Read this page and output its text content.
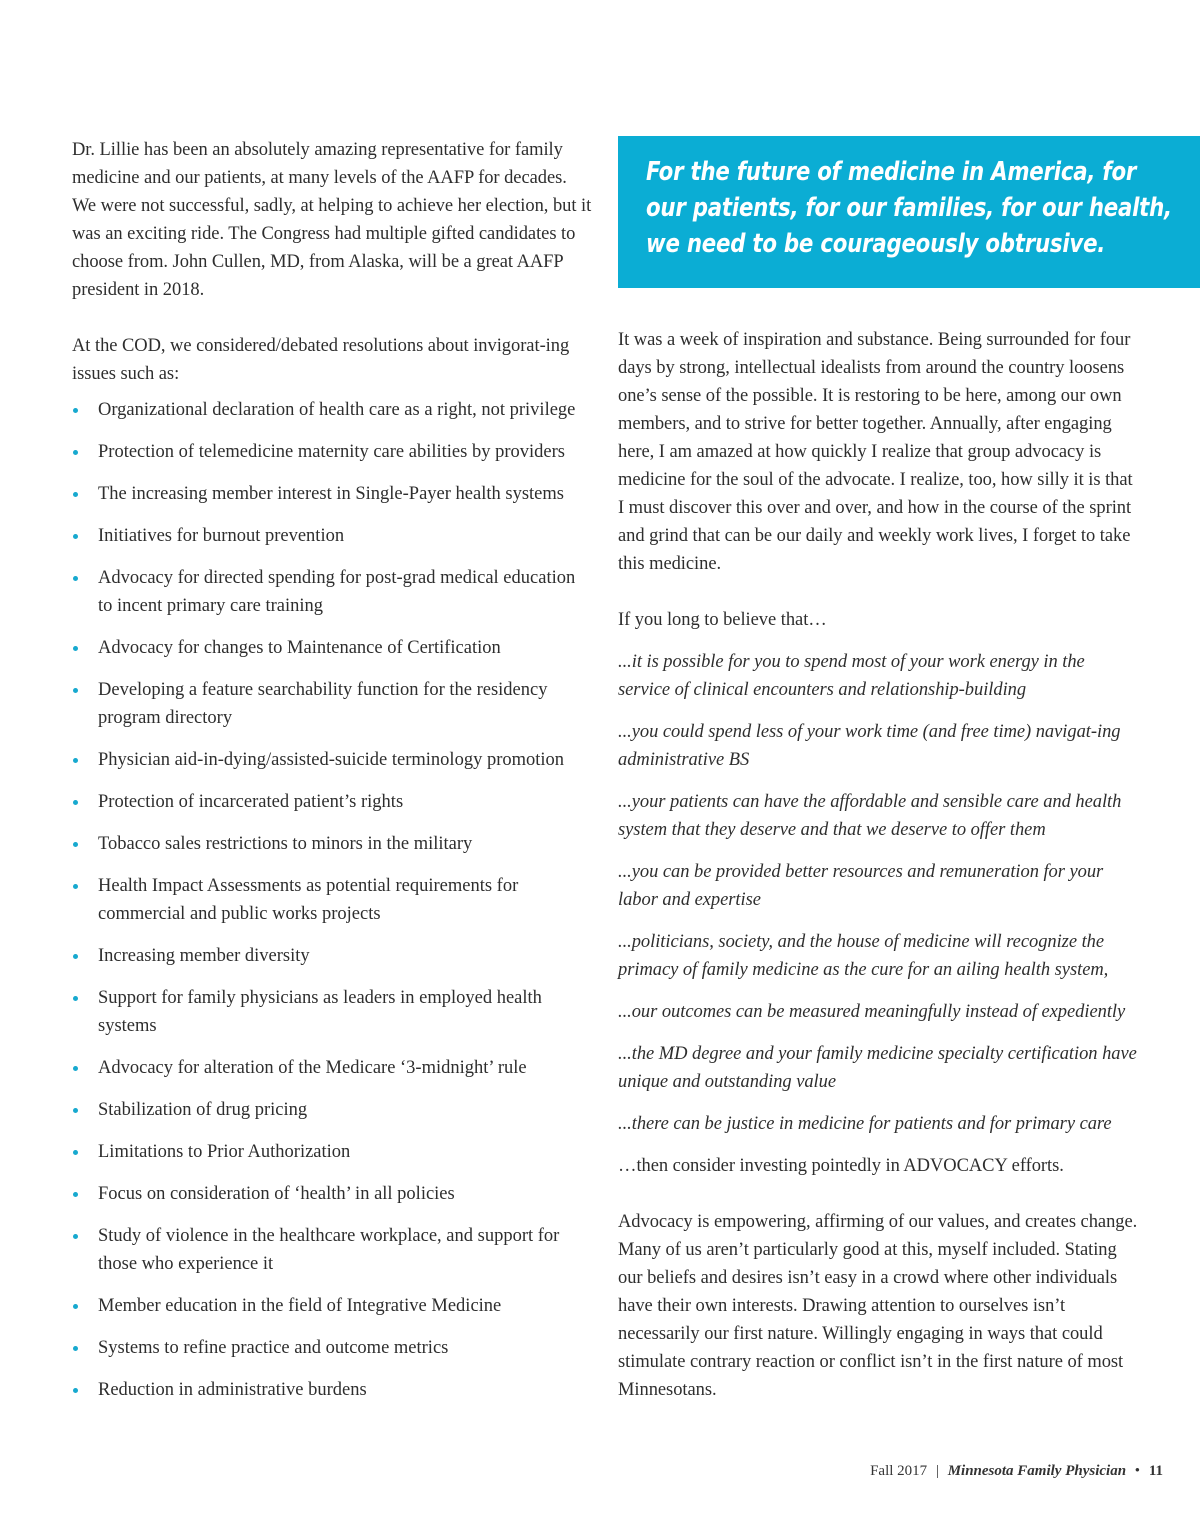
Dr. Lillie has been an absolutely amazing representative for family medicine and our patients, at many levels of the AAFP for decades. We were not successful, sadly, at helping to achieve her election, but it was an exciting ride. The Congress had multiple gifted candidates to choose from. John Cullen, MD, from Alaska, will be a great AAFP president in 2018.

At the COD, we considered/debated resolutions about invigorat-ing issues such as:

Organizational declaration of health care as a right, not privilege
Protection of telemedicine maternity care abilities by providers
The increasing member interest in Single-Payer health systems
Initiatives for burnout prevention
Advocacy for directed spending for post-grad medical education to incent primary care training
Advocacy for changes to Maintenance of Certification
Developing a feature searchability function for the residency program directory
Physician aid-in-dying/assisted-suicide terminology promotion
Protection of incarcerated patient’s rights
Tobacco sales restrictions to minors in the military
Health Impact Assessments as potential requirements for commercial and public works projects
Increasing member diversity
Support for family physicians as leaders in employed health systems
Advocacy for alteration of the Medicare ‘3-midnight’ rule
Stabilization of drug pricing
Limitations to Prior Authorization
Focus on consideration of ‘health’ in all policies
Study of violence in the healthcare workplace, and support for those who experience it
Member education in the field of Integrative Medicine
Systems to refine practice and outcome metrics
Reduction in administrative burdens
For the future of medicine in America, for our patients, for our families, for our health, we need to be courageously obtrusive.

It was a week of inspiration and substance. Being surrounded for four days by strong, intellectual idealists from around the country loosens one’s sense of the possible. It is restoring to be here, among our own members, and to strive for better together. Annually, after engaging here, I am amazed at how quickly I realize that group advocacy is medicine for the soul of the advocate. I realize, too, how silly it is that I must discover this over and over, and how in the course of the sprint and grind that can be our daily and weekly work lives, I forget to take this medicine.

If you long to believe that…

...it is possible for you to spend most of your work energy in the service of clinical encounters and relationship-building

...you could spend less of your work time (and free time) navigat-ing administrative BS

...your patients can have the affordable and sensible care and health system that they deserve and that we deserve to offer them

...you can be provided better resources and remuneration for your labor and expertise

...politicians, society, and the house of medicine will recognize the primacy of family medicine as the cure for an ailing health system,

...our outcomes can be measured meaningfully instead of expediently

...the MD degree and your family medicine specialty certification have unique and outstanding value

...there can be justice in medicine for patients and for primary care

…then consider investing pointedly in ADVOCACY efforts.

Advocacy is empowering, affirming of our values, and creates change. Many of us aren’t particularly good at this, myself included. Stating our beliefs and desires isn’t easy in a crowd where other individuals have their own interests. Drawing attention to ourselves isn’t necessarily our first nature. Willingly engaging in ways that could stimulate contrary reaction or conflict isn’t in the first nature of most Minnesotans.

Fall 2017 | Minnesota Family Physician • 11
